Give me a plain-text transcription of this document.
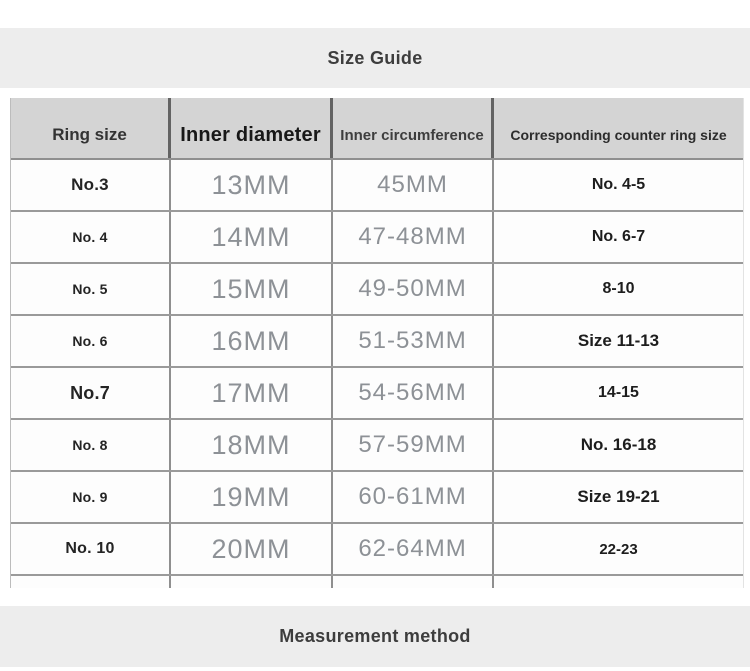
Size Guide
Ring size	Inner diameter	Inner circumference	Corresponding counter ring size
No.3	13MM	45MM	No. 4-5
No. 4	14MM	47-48MM	No. 6-7
No. 5	15MM	49-50MM	8-10
No. 6	16MM	51-53MM	Size 11-13
No.7	17MM	54-56MM	14-15
No. 8	18MM	57-59MM	No. 16-18
No. 9	19MM	60-61MM	Size 19-21
No. 10	20MM	62-64MM	22-23
Measurement method
